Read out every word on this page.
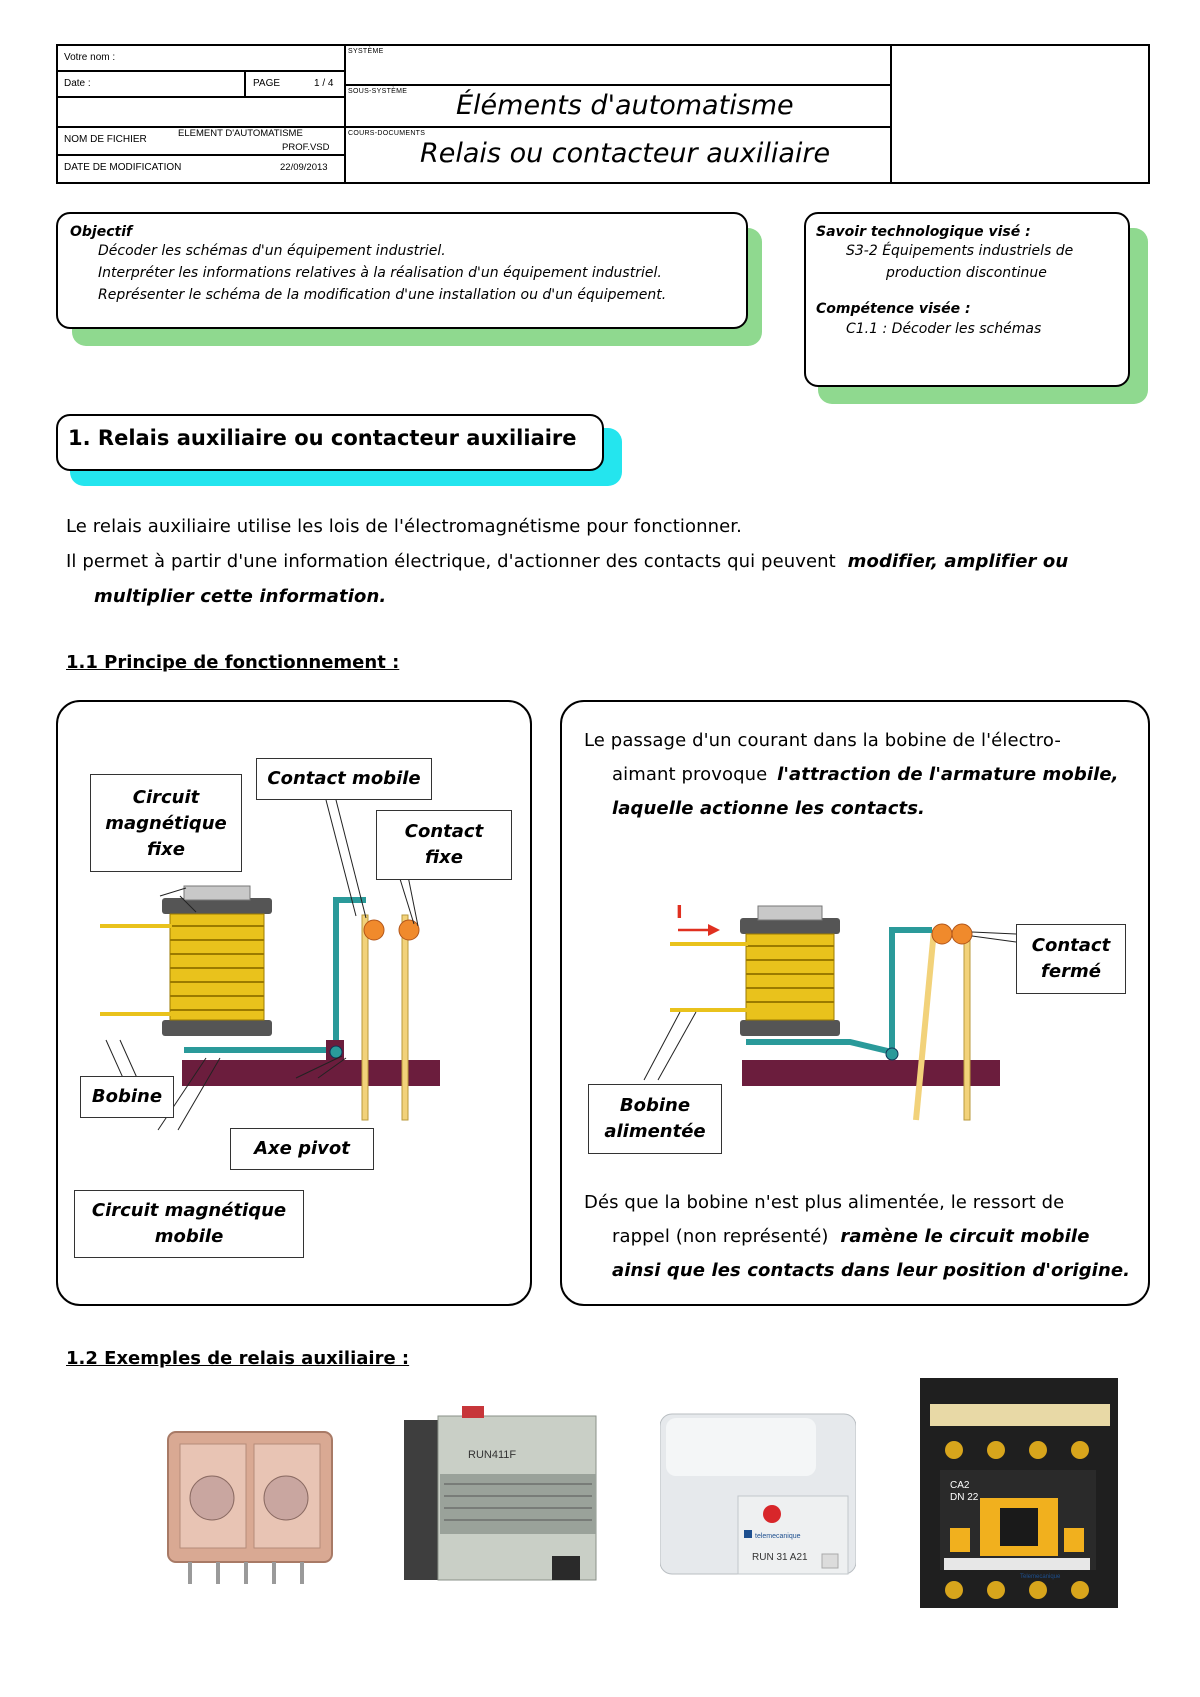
Votre nom :
Date :	PAGE	1 / 4
NOM DE FICHIER
ELEMENT D'AUTOMATISME
PROF.VSD
DATE DE MODIFICATION	22/09/2013
SYSTÈME
SOUS-SYSTÈME Éléments d'automatisme
COURS-DOCUMENTS
Relais ou contacteur auxiliaire
Objectif
Décoder les schémas d'un équipement industriel.
Interpréter les informations relatives à la réalisation d'un équipement industriel.
Représenter le schéma de la modification d'une installation ou d'un équipement.
Savoir technologique visé :
S3-2 Équipements industriels de
production discontinue
Compétence visée :
C1.1 : Décoder les schémas
1. Relais auxiliaire ou contacteur auxiliaire
Le relais auxiliaire utilise les lois de l'électromagnétisme pour fonctionner.
Il permet à partir d'une information électrique, d'actionner des contacts qui peuvent modifier, amplifier ou
multiplier cette information.
1.1 Principe de fonctionnement :
Circuit
magnétique
fixe
Contact mobile
Contact
fixe
Bobine
Axe pivot
Circuit magnétique
mobile
Le passage d'un courant dans la bobine de l'électro-
aimant provoque l'attraction de l'armature mobile,
laquelle actionne les contacts.
I
Contact
fermé
Bobine
alimentée
Dés que la bobine n'est plus alimentée, le ressort de
rappel (non représenté) ramène le circuit mobile
ainsi que les contacts dans leur position d'origine.
1.2 Exemples de relais auxiliaire :
RUN411F
telemecanique
RUN 31 A21
CA2
DN 22
Telemecanique
